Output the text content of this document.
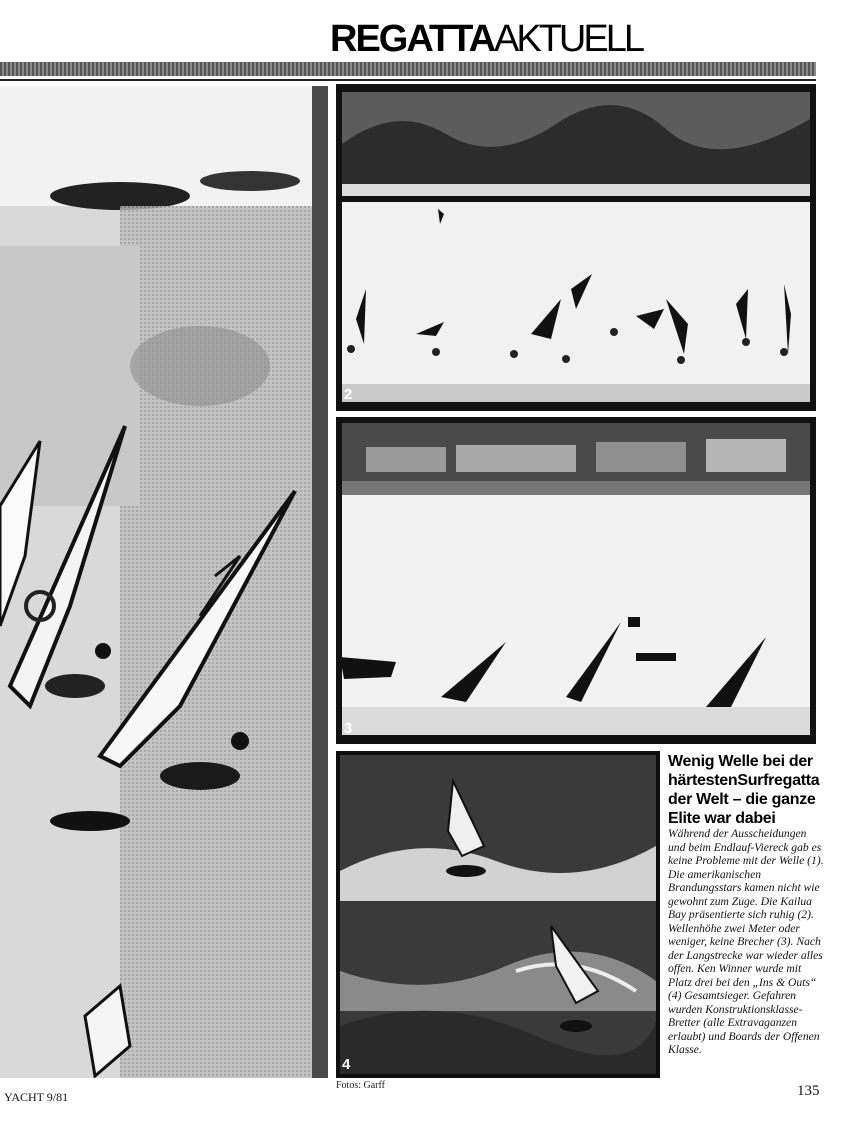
REGATTAAKTUELL
2
3
4
Wenig Welle bei der härtestenSurfregatta der Welt – die ganze Elite war dabei
Während der Ausscheidungen und beim Endlauf-Viereck gab es keine Probleme mit der Welle (1). Die amerikanischen Brandungsstars kamen nicht wie gewohnt zum Zuge. Die Kailua Bay präsentierte sich ruhig (2). Wellenhöhe zwei Meter oder weniger, keine Brecher (3). Nach der Langstrecke war wieder alles offen. Ken Winner wurde mit Platz drei bei den „Ins & Outs“ (4) Gesamtsieger. Gefahren wurden Konstruktionsklasse-Bretter (alle Extravaganzen erlaubt) und Boards der Offenen Klasse.
Fotos: Garff
YACHT 9/81	135
